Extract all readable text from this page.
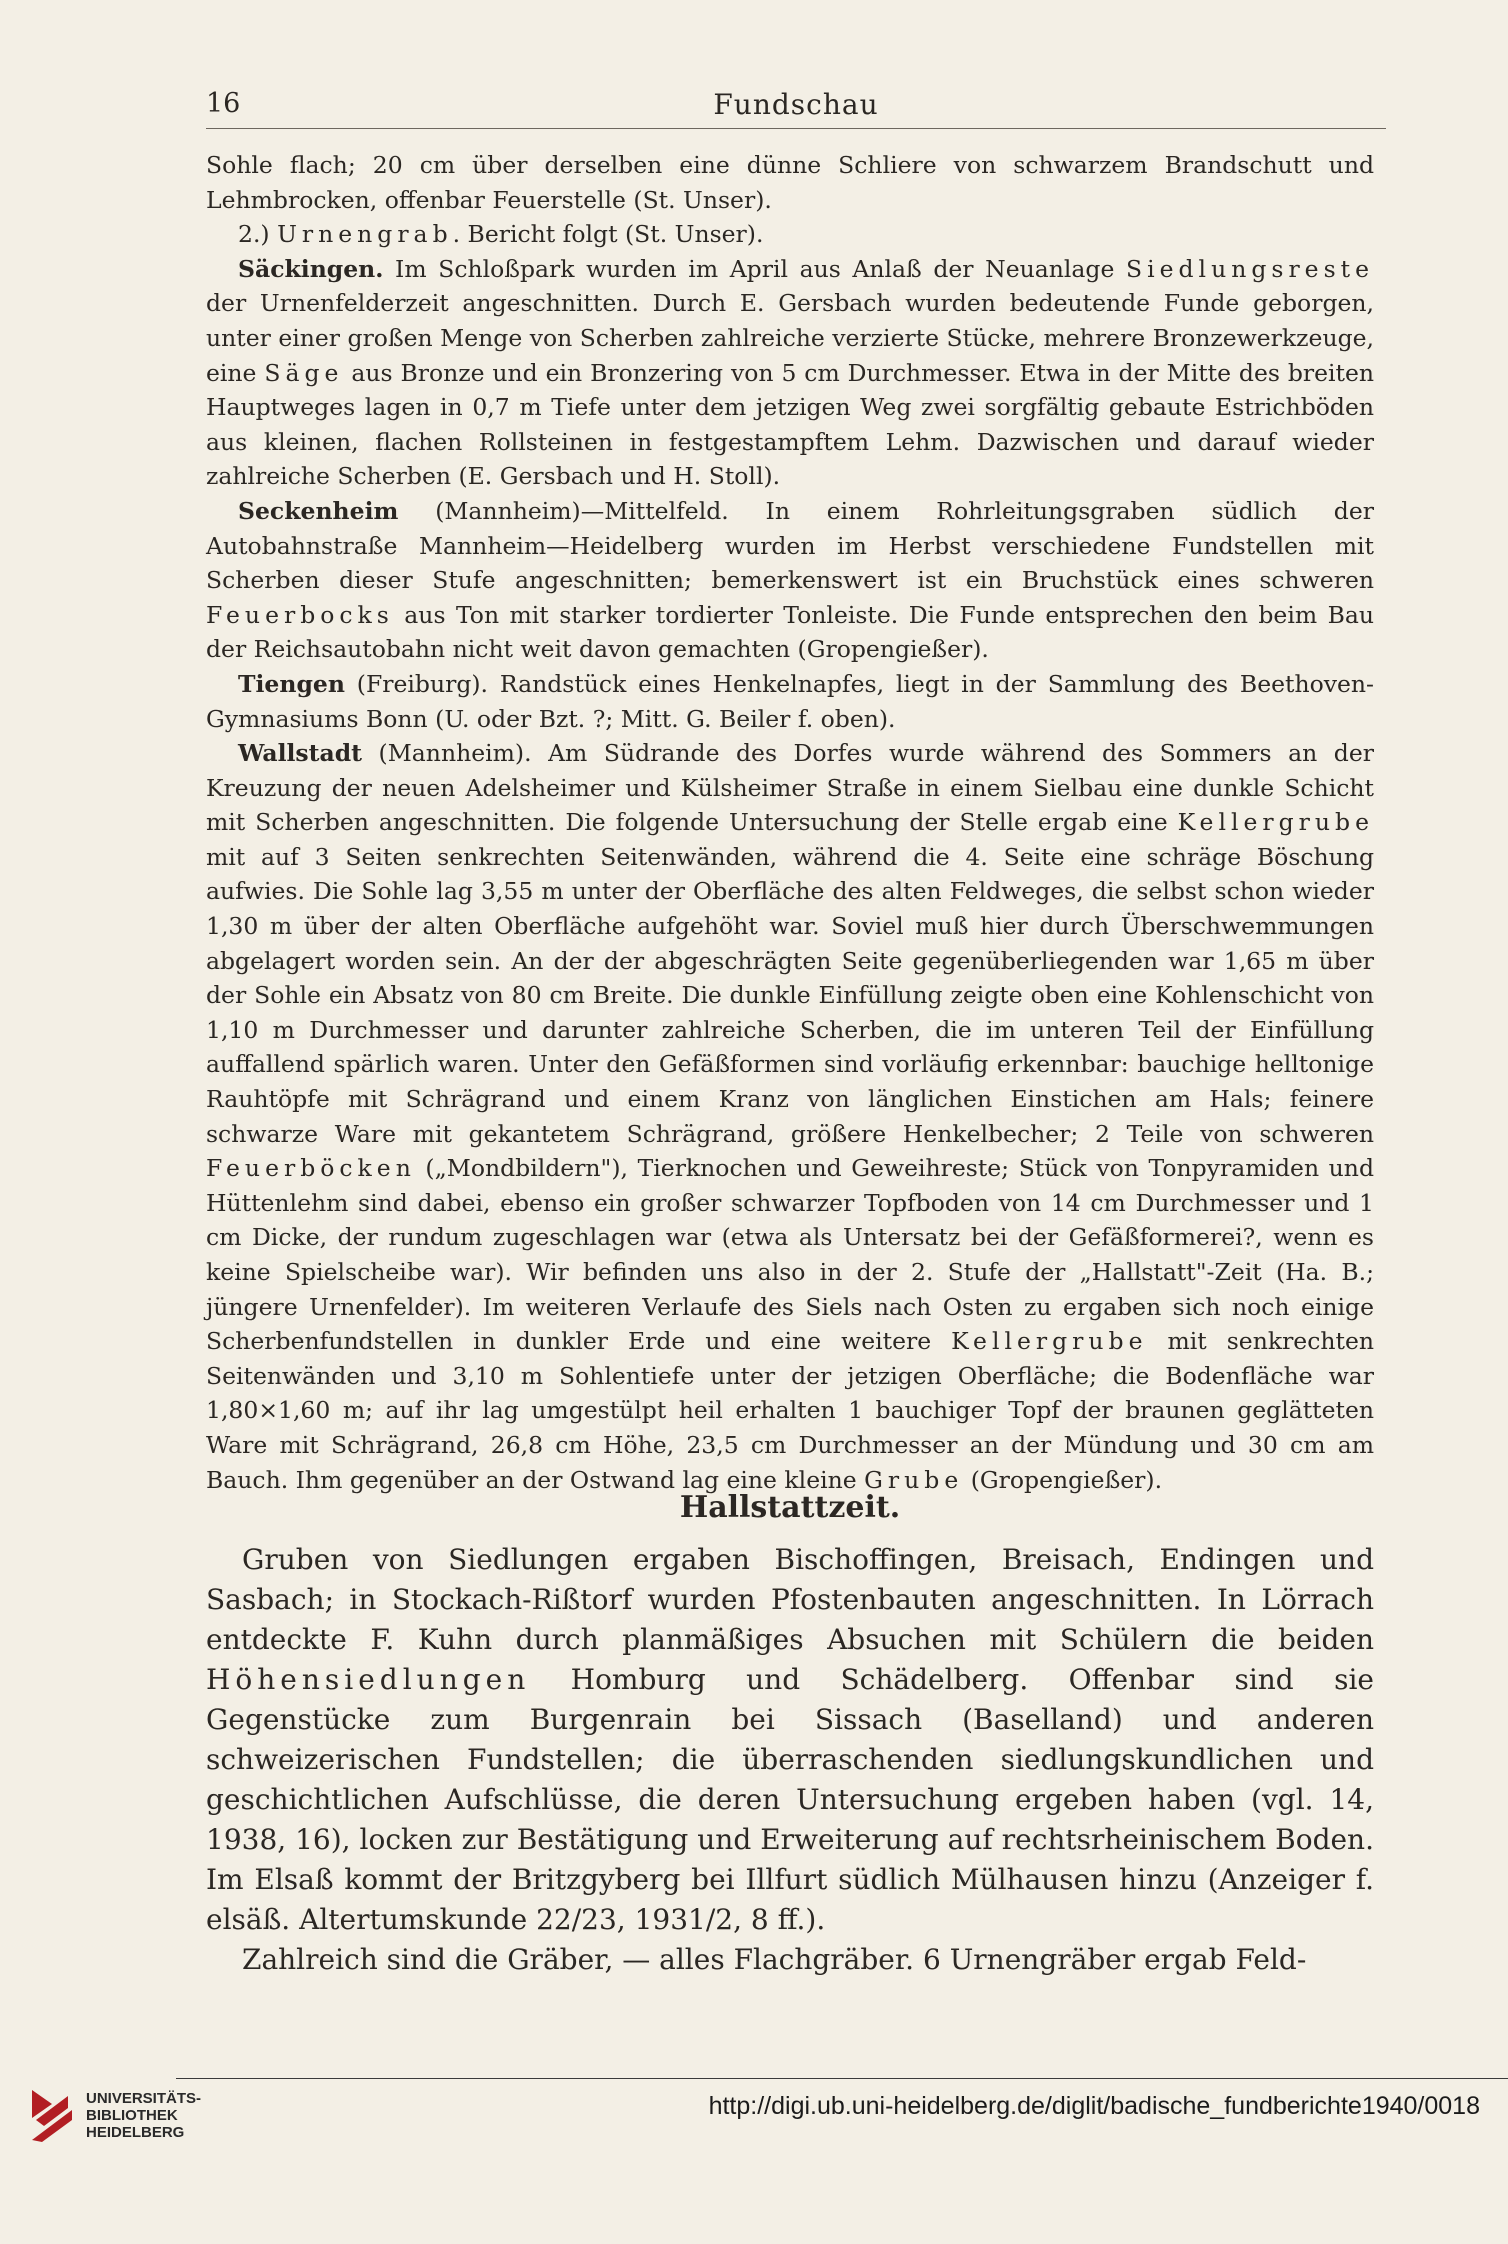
16	Fundschau

Sohle flach; 20 cm über derselben eine dünne Schliere von schwarzem Brandschutt und Lehmbrocken, offenbar Feuerstelle (St. Unser).

2.) Urnengrab. Bericht folgt (St. Unser).

Säckingen. Im Schloßpark wurden im April aus Anlaß der Neuanlage Siedlungsreste der Urnenfelderzeit angeschnitten. Durch E. Gersbach wurden bedeutende Funde geborgen, unter einer großen Menge von Scherben zahlreiche verzierte Stücke, mehrere Bronzewerkzeuge, eine Säge aus Bronze und ein Bronzering von 5 cm Durchmesser. Etwa in der Mitte des breiten Hauptweges lagen in 0,7 m Tiefe unter dem jetzigen Weg zwei sorgfältig gebaute Estrichböden aus kleinen, flachen Rollsteinen in festgestampftem Lehm. Dazwischen und darauf wieder zahlreiche Scherben (E. Gersbach und H. Stoll).

Seckenheim (Mannheim)—Mittelfeld. In einem Rohrleitungsgraben südlich der Autobahnstraße Mannheim—Heidelberg wurden im Herbst verschiedene Fundstellen mit Scherben dieser Stufe angeschnitten; bemerkenswert ist ein Bruchstück eines schweren Feuerbocks aus Ton mit starker tordierter Tonleiste. Die Funde entsprechen den beim Bau der Reichsautobahn nicht weit davon gemachten (Gropengießer).

Tiengen (Freiburg). Randstück eines Henkelnapfes, liegt in der Sammlung des Beethoven-Gymnasiums Bonn (U. oder Bzt. ?; Mitt. G. Beiler f. oben).

Wallstadt (Mannheim). Am Südrande des Dorfes wurde während des Sommers an der Kreuzung der neuen Adelsheimer und Külsheimer Straße in einem Sielbau eine dunkle Schicht mit Scherben angeschnitten. Die folgende Untersuchung der Stelle ergab eine Kellergrube mit auf 3 Seiten senkrechten Seitenwänden, während die 4. Seite eine schräge Böschung aufwies. Die Sohle lag 3,55 m unter der Oberfläche des alten Feldweges, die selbst schon wieder 1,30 m über der alten Oberfläche aufgehöht war. Soviel muß hier durch Überschwemmungen abgelagert worden sein. An der der abgeschrägten Seite gegenüberliegenden war 1,65 m über der Sohle ein Absatz von 80 cm Breite. Die dunkle Einfüllung zeigte oben eine Kohlenschicht von 1,10 m Durchmesser und darunter zahlreiche Scherben, die im unteren Teil der Einfüllung auffallend spärlich waren. Unter den Gefäßformen sind vorläufig erkennbar: bauchige helltonige Rauhtöpfe mit Schrägrand und einem Kranz von länglichen Einstichen am Hals; feinere schwarze Ware mit gekantetem Schrägrand, größere Henkelbecher; 2 Teile von schweren Feuerböcken („Mondbildern"), Tierknochen und Geweihreste; Stück von Tonpyramiden und Hüttenlehm sind dabei, ebenso ein großer schwarzer Topfboden von 14 cm Durchmesser und 1 cm Dicke, der rundum zugeschlagen war (etwa als Untersatz bei der Gefäßformerei?, wenn es keine Spielscheibe war). Wir befinden uns also in der 2. Stufe der „Hallstatt"-Zeit (Ha. B.; jüngere Urnenfelder). Im weiteren Verlaufe des Siels nach Osten zu ergaben sich noch einige Scherbenfundstellen in dunkler Erde und eine weitere Kellergrube mit senkrechten Seitenwänden und 3,10 m Sohlentiefe unter der jetzigen Oberfläche; die Bodenfläche war 1,80×1,60 m; auf ihr lag umgestülpt heil erhalten 1 bauchiger Topf der braunen geglätteten Ware mit Schrägrand, 26,8 cm Höhe, 23,5 cm Durchmesser an der Mündung und 30 cm am Bauch. Ihm gegenüber an der Ostwand lag eine kleine Grube (Gropengießer).

Hallstattzeit.

Gruben von Siedlungen ergaben Bischoffingen, Breisach, Endingen und Sasbach; in Stockach-Rißtorf wurden Pfostenbauten angeschnitten. In Lörrach entdeckte F. Kuhn durch planmäßiges Absuchen mit Schülern die beiden Höhensiedlungen Homburg und Schädelberg. Offenbar sind sie Gegenstücke zum Burgenrain bei Sissach (Baselland) und anderen schweizerischen Fundstellen; die überraschenden siedlungskundlichen und geschichtlichen Aufschlüsse, die deren Untersuchung ergeben haben (vgl. 14, 1938, 16), locken zur Bestätigung und Erweiterung auf rechtsrheinischem Boden. Im Elsaß kommt der Britzgyberg bei Illfurt südlich Mülhausen hinzu (Anzeiger f. elsäß. Altertumskunde 22/23, 1931/2, 8 ff.).

Zahlreich sind die Gräber, — alles Flachgräber. 6 Urnengräber ergab Feld-

UNIVERSITÄTS-
BIBLIOTHEK
HEIDELBERG
http://digi.ub.uni-heidelberg.de/diglit/badische_fundberichte1940/0018
